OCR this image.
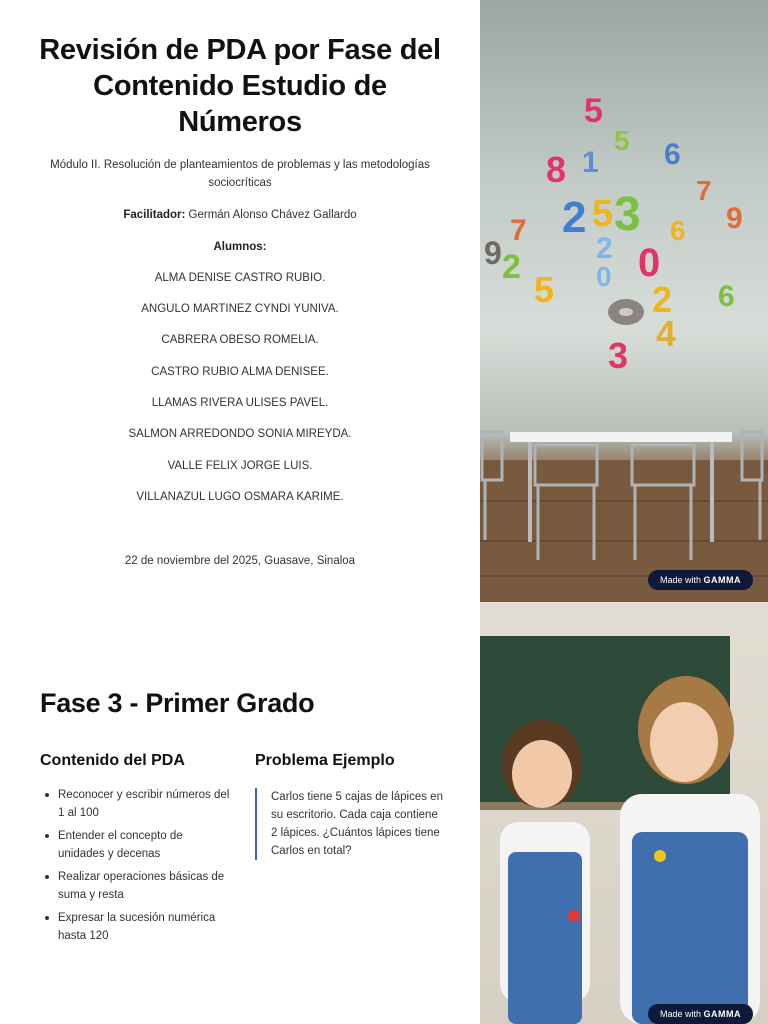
Revisión de PDA por Fase del
Contenido Estudio de
Números

Módulo II. Resolución de planteamientos de problemas y las metodologías sociocríticas

Facilitador: Germán Alonso Chávez Gallardo

Alumnos:

ALMA DENISE CASTRO RUBIO.

ANGULO MARTINEZ CYNDI YUNIVA.

CABRERA OBESO ROMELIA.

CASTRO RUBIO ALMA DENISEE.

LLAMAS RIVERA ULISES PAVEL.

SALMON ARREDONDO SONIA MIREYDA.

VALLE FELIX JORGE LUIS.

VILLANAZUL LUGO OSMARA KARIME.

22 de noviembre del 2025, Guasave, Sinaloa

5
5
8 1 6
7
9
7 2 5 3
2
0
6
9 2
5
0
2
4
6
3
Made with GAMMA
Fase 3 - Primer Grado
Contenido del PDA	Problema Ejemplo
Reconocer y escribir números del 1 al 100
Entender el concepto de unidades y decenas
Realizar operaciones básicas de suma y resta
Expresar la sucesión numérica hasta 120

Carlos tiene 5 cajas de lápices en su escritorio. Cada caja contiene 2 lápices. ¿Cuántos lápices tiene Carlos en total?

Made with GAMMA
